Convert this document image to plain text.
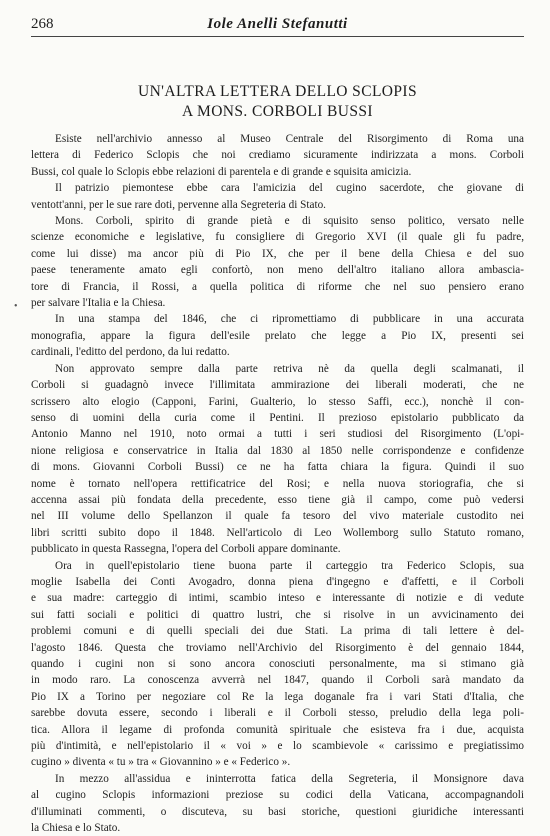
268	Iole Anelli Stefanutti
UN'ALTRA LETTERA DELLO SCLOPIS
A MONS. CORBOLI BUSSI
•

Esiste nell'archivio annesso al Museo Centrale del Risorgimento di Roma una
lettera di Federico Sclopis che noi crediamo sicuramente indirizzata a mons. Corboli
Bussi, col quale lo Sclopis ebbe relazioni di parentela e di grande e squisita amicizia.

Il patrizio piemontese ebbe cara l'amicizia del cugino sacerdote, che giovane di
ventott'anni, per le sue rare doti, pervenne alla Segreteria di Stato.

Mons. Corboli, spirito di grande pietà e di squisito senso politico, versato nelle
scienze economiche e legislative, fu consigliere di Gregorio XVI (il quale gli fu padre,
come lui disse) ma ancor più di Pio IX, che per il bene della Chiesa e del suo
paese teneramente amato egli confortò, non meno dell'altro italiano allora ambascia-
tore di Francia, il Rossi, a quella politica di riforme che nel suo pensiero erano
per salvare l'Italia e la Chiesa.

In una stampa del 1846, che ci ripromettiamo di pubblicare in una accurata
monografia, appare la figura dell'esile prelato che legge a Pio IX, presenti sei
cardinali, l'editto del perdono, da lui redatto.

Non approvato sempre dalla parte retriva nè da quella degli scalmanati, il
Corboli si guadagnò invece l'illimitata ammirazione dei liberali moderati, che ne
scrissero alto elogio (Capponi, Farini, Gualterio, lo stesso Saffi, ecc.), nonchè il con-
senso di uomini della curia come il Pentini. Il prezioso epistolario pubblicato da
Antonio Manno nel 1910, noto ormai a tutti i seri studiosi del Risorgimento (L'opi-
nione religiosa e conservatrice in Italia dal 1830 al 1850 nelle corrispondenze e confidenze
di mons. Giovanni Corboli Bussi) ce ne ha fatta chiara la figura. Quindi il suo
nome è tornato nell'opera rettificatrice del Rosi; e nella nuova storiografia, che si
accenna assai più fondata della precedente, esso tiene già il campo, come può vedersi
nel III volume dello Spellanzon il quale fa tesoro del vivo materiale custodito nei
libri scritti subito dopo il 1848. Nell'articolo di Leo Wollemborg sullo Statuto romano,
pubblicato in questa Rassegna, l'opera del Corboli appare dominante.

Ora in quell'epistolario tiene buona parte il carteggio tra Federico Sclopis, sua
moglie Isabella dei Conti Avogadro, donna piena d'ingegno e d'affetti, e il Corboli
e sua madre: carteggio di intimi, scambio inteso e interessante di notizie e di vedute
sui fatti sociali e politici di quattro lustri, che si risolve in un avvicinamento dei
problemi comuni e di quelli speciali dei due Stati. La prima di tali lettere è del-
l'agosto 1846. Questa che troviamo nell'Archivio del Risorgimento è del gennaio 1844,
quando i cugini non si sono ancora conosciuti personalmente, ma si stimano già
in modo raro. La conoscenza avverrà nel 1847, quando il Corboli sarà mandato da
Pio IX a Torino per negoziare col Re la lega doganale fra i vari Stati d'Italia, che
sarebbe dovuta essere, secondo i liberali e il Corboli stesso, preludio della lega poli-
tica. Allora il legame di profonda comunità spirituale che esisteva fra i due, acquista
più d'intimità, e nell'epistolario il « voi » e lo scambievole « carissimo e pregiatissimo
cugino » diventa « tu » tra « Giovannino » e « Federico ».

In mezzo all'assidua e ininterrotta fatica della Segreteria, il Monsignore dava
al cugino Sclopis informazioni preziose su codici della Vaticana, accompagnandoli
d'illuminati commenti, o discuteva, su basi storiche, questioni giuridiche interessanti
la Chiesa e lo Stato.
